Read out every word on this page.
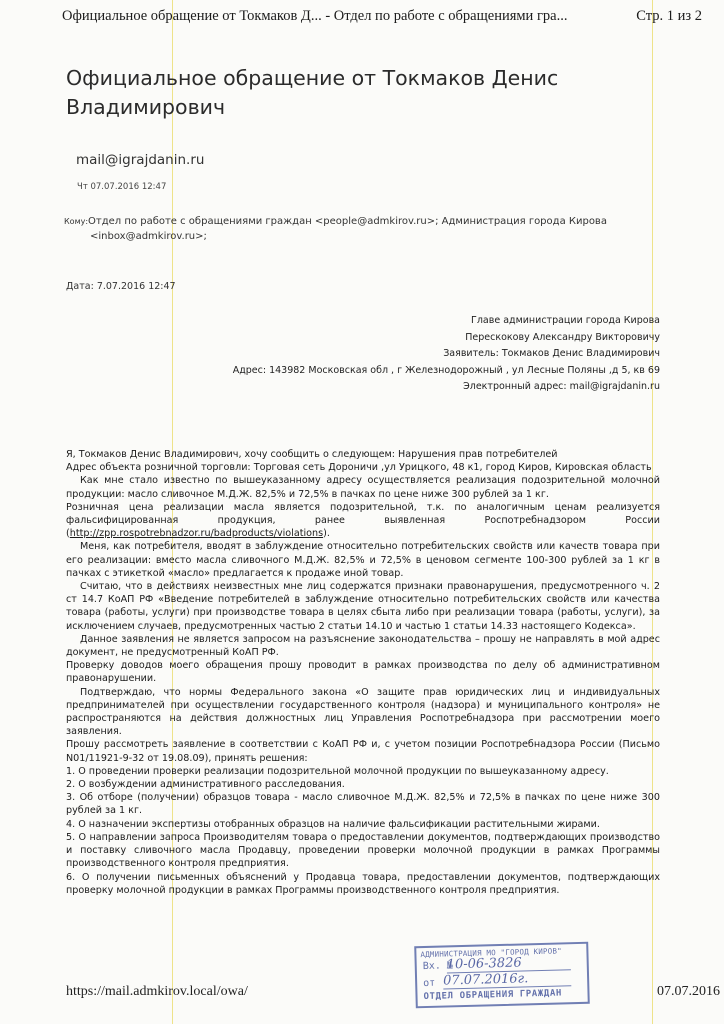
Официальное обращение от Токмаков Д... - Отдел по работе с обращениями гра...	Стр. 1 из 2
Официальное обращение от Токмаков Денис Владимирович
mail@igrajdanin.ru
Чт 07.07.2016 12:47
Кому:Отдел по работе с обращениями граждан <people@admkirov.ru>; Администрация города Кирова
<inbox@admkirov.ru>;
Дата: 7.07.2016 12:47
Главе администрации города Кирова
Перескокову Александру Викторовичу
Заявитель: Токмаков Денис Владимирович
Адрес: 143982 Московская обл , г Железнодорожный , ул Лесные Поляны ,д 5, кв 69
Электронный адрес: mail@igrajdanin.ru

Я, Токмаков Денис Владимирович, хочу сообщить о следующем: Нарушения прав потребителей

Адрес объекта розничной торговли: Торговая сеть Дороничи ,ул Урицкого, 48 к1, город Киров, Кировская область

Как мне стало известно по вышеуказанному адресу осуществляется реализация подозрительной молочной продукции: масло сливочное М.Д.Ж. 82,5% и 72,5% в пачках по цене ниже 300 рублей за 1 кг.

Розничная цена реализации масла является подозрительной, т.к. по аналогичным ценам реализуется фальсифицированная продукция, ранее выявленная Роспотребнадзором России (http://zpp.rospotrebnadzor.ru/badproducts/violations).

Меня, как потребителя, вводят в заблуждение относительно потребительских свойств или качеств товара при его реализации: вместо масла сливочного М.Д.Ж. 82,5% и 72,5% в ценовом сегменте 100-300 рублей за 1 кг в пачках с этикеткой «масло» предлагается к продаже иной товар.

Считаю, что в действиях неизвестных мне лиц содержатся признаки правонарушения, предусмотренного ч. 2 ст 14.7 КоАП РФ «Введение потребителей в заблуждение относительно потребительских свойств или качества товара (работы, услуги) при производстве товара в целях сбыта либо при реализации товара (работы, услуги), за исключением случаев, предусмотренных частью 2 статьи 14.10 и частью 1 статьи 14.33 настоящего Кодекса».

Данное заявления не является запросом на разъяснение законодательства – прошу не направлять в мой адрес документ, не предусмотренный КоАП РФ.

Проверку доводов моего обращения прошу проводит в рамках производства по делу об административном правонарушении.

Подтверждаю, что нормы Федерального закона «О защите прав юридических лиц и индивидуальных предпринимателей при осуществлении государственного контроля (надзора) и муниципального контроля» не распространяются на действия должностных лиц Управления Роспотребнадзора при рассмотрении моего заявления.

Прошу рассмотреть заявление в соответствии с КоАП РФ и, с учетом позиции Роспотребнадзора России (Письмо N01/11921-9-32 от 19.08.09), принять решения:

1. О проведении проверки реализации подозрительной молочной продукции по вышеуказанному адресу.

2. О возбуждении административного расследования.

3. Об отборе (получении) образцов товара - масло сливочное М.Д.Ж. 82,5% и 72,5% в пачках по цене ниже 300 рублей за 1 кг.

4. О назначении экспертизы отобранных образцов на наличие фальсификации растительными жирами.

5. О направлении запроса Производителям товара о предоставлении документов, подтверждающих производство и поставку сливочного масла Продавцу, проведении проверки молочной продукции в рамках Программы производственного контроля предприятия.

6. О получении письменных объяснений у Продавца товара, предоставлении документов, подтверждающих проверку молочной продукции в рамках Программы производственного контроля предприятия.

АДМИНИСТРАЦИЯ МО "ГОРОД КИРОВ"
Вх. №
10-06-3826
от 07.07.2016г.
ОТДЕЛ ОБРАЩЕНИЯ ГРАЖДАН
https://mail.admkirov.local/owa/	07.07.2016
